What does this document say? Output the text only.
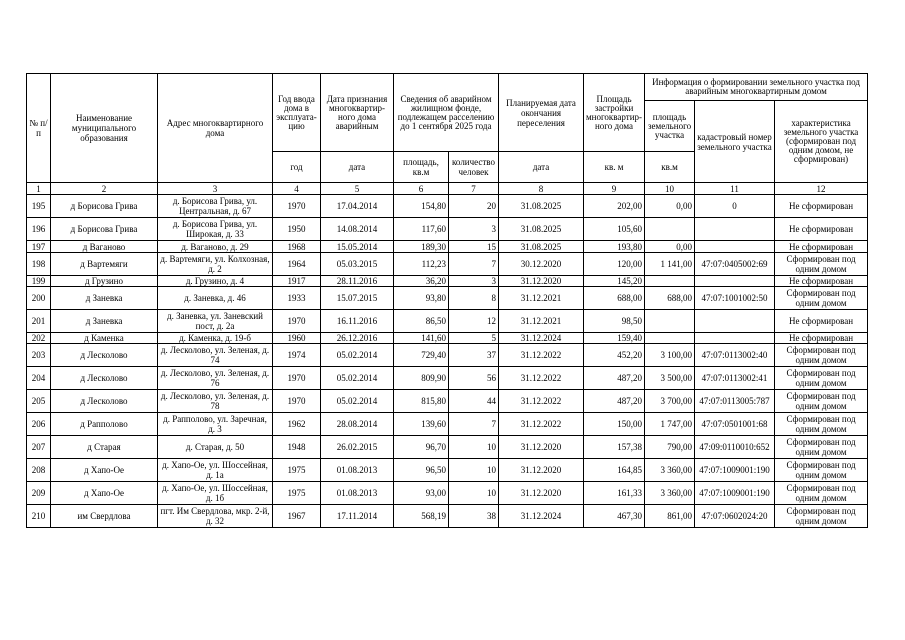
№ п/п	Наименование муниципального образования	Адрес многоквартирного дома	Год ввода дома в эксплуата-цию	Дата признания многоквартир-ного дома аварийным	Сведения об аварийном жилищном фонде, подлежащем расселению до 1 сентября 2025 года		Планируемая дата окончания переселения	Площадь застройки многоквартир-ного дома	Информация о формировании земельного участка под аварийным многоквартирным домом		
									площадь земельного участка	кадастровый номер земельного участка	характеристика земельного участка (сформирован под одним домом, не сформирован)
			год	дата	площадь, кв.м	количество человек	дата	кв. м	кв.м		
1	2	3	4	5	6	7	8	9	10	11	12
195	д Борисова Грива	д. Борисова Грива, ул. Центральная, д. 67	1970	17.04.2014	154,80	20	31.08.2025	202,00	0,00	0	Не сформирован
196	д Борисова Грива	д. Борисова Грива, ул. Широкая, д. 33	1950	14.08.2014	117,60	3	31.08.2025	105,60			Не сформирован
197	д Ваганово	д. Ваганово, д. 29	1968	15.05.2014	189,30	15	31.08.2025	193,80	0,00		Не сформирован
198	д Вартемяги	д. Вартемяги, ул. Колхозная, д. 2	1964	05.03.2015	112,23	7	30.12.2020	120,00	1 141,00	47:07:0405002:69	Сформирован под одним домом
199	д Грузино	д. Грузино, д. 4	1917	28.11.2016	36,20	3	31.12.2020	145,20			Не сформирован
200	д Заневка	д. Заневка, д. 46	1933	15.07.2015	93,80	8	31.12.2021	688,00	688,00	47:07:1001002:50	Сформирован под одним домом
201	д Заневка	д. Заневка, ул. Заневский пост, д. 2а	1970	16.11.2016	86,50	12	31.12.2021	98,50			Не сформирован
202	д Каменка	д. Каменка, д. 19-б	1960	26.12.2016	141,60	5	31.12.2024	159,40			Не сформирован
203	д Лесколово	д. Лесколово, ул. Зеленая, д. 74	1974	05.02.2014	729,40	37	31.12.2022	452,20	3 100,00	47:07:0113002:40	Сформирован под одним домом
204	д Лесколово	д. Лесколово, ул. Зеленая, д. 76	1970	05.02.2014	809,90	56	31.12.2022	487,20	3 500,00	47:07:0113002:41	Сформирован под одним домом
205	д Лесколово	д. Лесколово, ул. Зеленая, д. 78	1970	05.02.2014	815,80	44	31.12.2022	487,20	3 700,00	47:07:0113005:787	Сформирован под одним домом
206	д Рапполово	д. Рапполово, ул. Заречная, д. 3	1962	28.08.2014	139,60	7	31.12.2022	150,00	1 747,00	47:07:0501001:68	Сформирован под одним домом
207	д Старая	д. Старая, д. 50	1948	26.02.2015	96,70	10	31.12.2020	157,38	790,00	47:09:0110010:652	Сформирован под одним домом
208	д Хапо-Ое	д. Хапо-Ое, ул. Шоссейная, д. 1а	1975	01.08.2013	96,50	10	31.12.2020	164,85	3 360,00	47:07:1009001:190	Сформирован под одним домом
209	д Хапо-Ое	д. Хапо-Ое, ул. Шоссейная, д. 1б	1975	01.08.2013	93,00	10	31.12.2020	161,33	3 360,00	47:07:1009001:190	Сформирован под одним домом
210	им Свердлова	пгт. Им Свердлова, мкр. 2-й, д. 32	1967	17.11.2014	568,19	38	31.12.2024	467,30	861,00	47:07:0602024:20	Сформирован под одним домом
